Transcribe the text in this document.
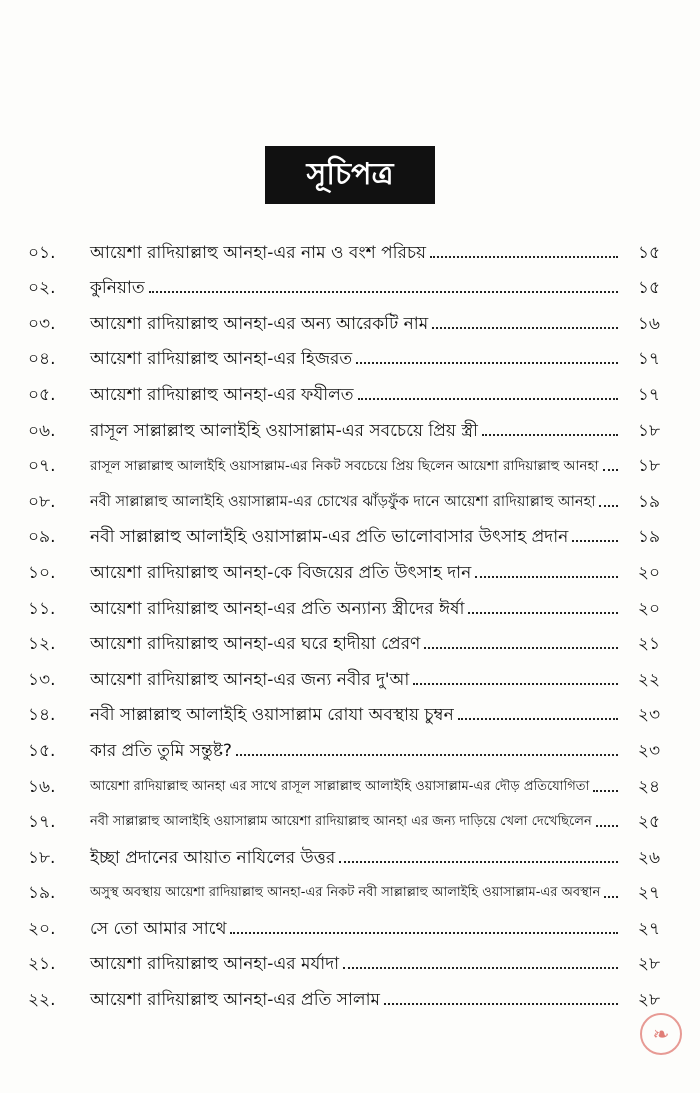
সূচিপত্র
০১.	আয়েশা রাদিয়াল্লাহু আনহা-এর নাম ও বংশ পরিচয়	১৫
০২.	কুনিয়াত	১৫
০৩.	আয়েশা রাদিয়াল্লাহু আনহা-এর অন্য আরেকটি নাম	১৬
০৪.	আয়েশা রাদিয়াল্লাহু আনহা-এর হিজরত	১৭
০৫.	আয়েশা রাদিয়াল্লাহু আনহা-এর ফযীলত	১৭
০৬.	রাসূল সাল্লাল্লাহু আলাইহি ওয়াসাল্লাম-এর সবচেয়ে প্রিয় স্ত্রী	১৮
০৭.	রাসূল সাল্লাল্লাহু আলাইহি ওয়াসাল্লাম-এর নিকট সবচেয়ে প্রিয় ছিলেন আয়েশা রাদিয়াল্লাহু আনহা	১৮
০৮.	নবী সাল্লাল্লাহু আলাইহি ওয়াসাল্লাম-এর চোখের ঝাঁড়ফুঁক দানে আয়েশা রাদিয়াল্লাহু আনহা	১৯
০৯.	নবী সাল্লাল্লাহু আলাইহি ওয়াসাল্লাম-এর প্রতি ভালোবাসার উৎসাহ প্রদান	১৯
১০.	আয়েশা রাদিয়াল্লাহু আনহা-কে বিজয়ের প্রতি উৎসাহ দান	২০
১১.	আয়েশা রাদিয়াল্লাহু আনহা-এর প্রতি অন্যান্য স্ত্রীদের ঈর্ষা	২০
১২.	আয়েশা রাদিয়াল্লাহু আনহা-এর ঘরে হাদীয়া প্রেরণ	২১
১৩.	আয়েশা রাদিয়াল্লাহু আনহা-এর জন্য নবীর দু'আ	২২
১৪.	নবী সাল্লাল্লাহু আলাইহি ওয়াসাল্লাম রোযা অবস্থায় চুম্বন	২৩
১৫.	কার প্রতি তুমি সন্তুষ্ট?	২৩
১৬.	আয়েশা রাদিয়াল্লাহু আনহা এর সাথে রাসূল সাল্লাল্লাহু আলাইহি ওয়াসাল্লাম-এর দৌড় প্রতিযোগিতা	২৪
১৭.	নবী সাল্লাল্লাহু আলাইহি ওয়াসাল্লাম আয়েশা রাদিয়াল্লাহু আনহা এর জন্য দাড়িয়ে খেলা দেখেছিলেন	২৫
১৮.	ইচ্ছা প্রদানের আয়াত নাযিলের উত্তর	২৬
১৯.	অসুস্থ অবস্থায় আয়েশা রাদিয়াল্লাহু আনহা-এর নিকট নবী সাল্লাল্লাহু আলাইহি ওয়াসাল্লাম-এর অবস্থান	২৭
২০.	সে তো আমার সাথে	২৭
২১.	আয়েশা রাদিয়াল্লাহু আনহা-এর মর্যাদা	২৮
২২.	আয়েশা রাদিয়াল্লাহু আনহা-এর প্রতি সালাম	২৮
❧
